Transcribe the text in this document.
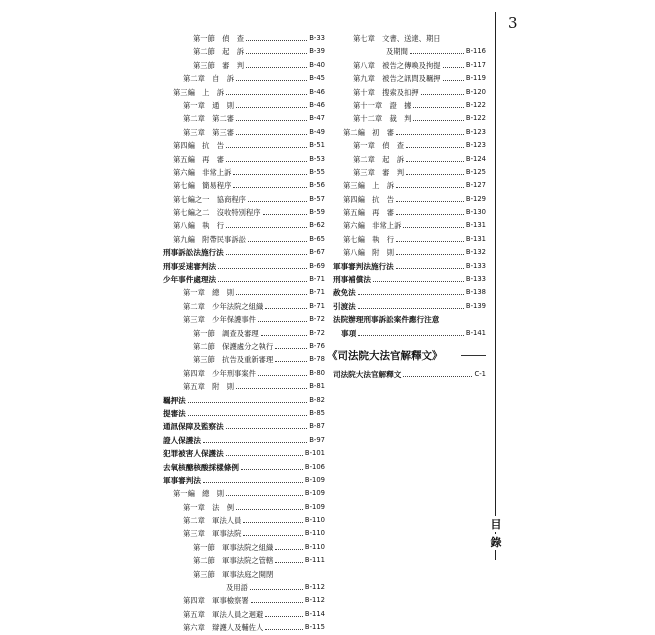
3
目
錄
第一節　偵　查	B-33
第二節　起　訴	B-39
第三節　審　判	B-40
第二章　自　訴	B-45
第三編　上　訴	B-46
第一章　通　則	B-46
第二章　第二審	B-47
第三章　第三審	B-49
第四編　抗　告	B-51
第五編　再　審	B-53
第六編　非常上訴	B-55
第七編　簡易程序	B-56
第七編之一　協商程序	B-57
第七編之二　沒收特別程序	B-59
第八編　執　行	B-62
第九編　附帶民事訴訟	B-65
刑事訴訟法施行法	B-67
刑事妥速審判法	B-69
少年事件處理法	B-71
第一章　總　則	B-71
第二章　少年法院之組織	B-71
第三章　少年保護事件	B-72
第一節　調查及審理	B-72
第二節　保護處分之執行	B-76
第三節　抗告及重新審理	B-78
第四章　少年刑事案件	B-80
第五章　附　則	B-81
羈押法	B-82
提審法	B-85
通訊保障及監察法	B-87
證人保護法	B-97
犯罪被害人保護法	B-101
去氧核醣核酸採樣條例	B-106
軍事審判法	B-109
第一編　總　則	B-109
第一章　法　例	B-109
第二章　軍法人員	B-110
第三章　軍事法院	B-110
第一節　軍事法院之組織	B-110
第二節　軍事法院之管轄	B-111
第三節　軍事法庭之開閉
及用語	B-112
第四章　軍事檢察署	B-112
第五章　軍法人員之迴避	B-114
第六章　辯護人及輔佐人	B-115
第七章　文書、送達、期日
及期間	B-116
第八章　被告之傳喚及拘提	B-117
第九章　被告之訊問及羈押	B-119
第十章　搜索及扣押	B-120
第十一章　證　據	B-122
第十二章　裁　判	B-122
第二編　初　審	B-123
第一章　偵　查	B-123
第二章　起　訴	B-124
第三章　審　判	B-125
第三編　上　訴	B-127
第四編　抗　告	B-129
第五編　再　審	B-130
第六編　非常上訴	B-131
第七編　執　行	B-131
第八編　附　則	B-132
軍事審判法施行法	B-133
刑事補償法	B-133
赦免法	B-138
引渡法	B-139
法院辦理刑事訴訟案件應行注意
事項	B-141
《司法院大法官解釋文》
司法院大法官解釋文	C-1
